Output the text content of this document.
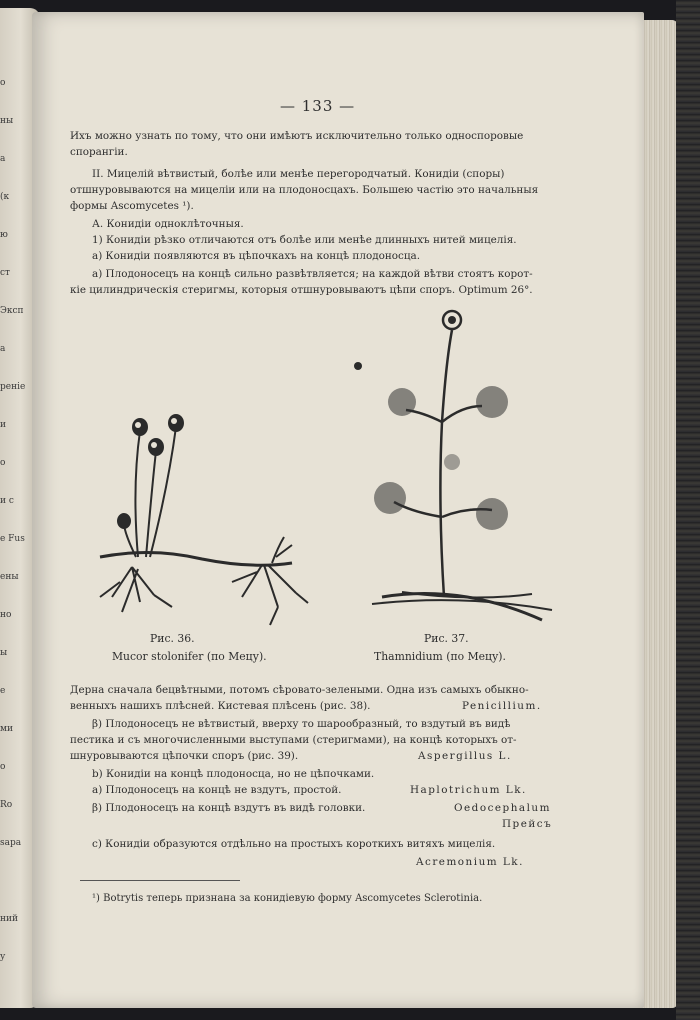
о
ны
а
(к
ю
ст
Эксп
а
реніе
и
о
и с
e Fus
ены
но
ы
е
ми
о
Ro
sapa
ний
у
— 133 —
Ихъ можно узнать по тому, что они имѣютъ исключительно только односпоровые
спорангіи.
II. Мицелій вѣтвистый, болѣе или менѣе перегородчатый. Конидіи (споры)
отшнуровываются на мицеліи или на плодоносцахъ. Большею частію это начальныя
формы Ascomycetes ¹).
А. Конидіи одноклѣточныя.
1) Конидіи рѣзко отличаются отъ болѣе или менѣе длинныхъ нитей мицелія.
а) Конидіи появляются въ цѣпочкахъ на концѣ плодоносца.
а) Плодоносецъ на концѣ сильно развѣтвляется; на каждой вѣтви стоятъ корот-
кіе цилиндрическія стеригмы, которыя отшнуровываютъ цѣпи споръ. Optimum 26°.
Рис. 36.
Mucor stolonifer (по Мецу).
Рис. 37.
Thamnidium (по Мецу).
Дерна сначала бецвѣтными, потомъ сѣровато-зелеными. Одна изъ самыхъ обыкно-
венныхъ нашихъ плѣсней. Кистевая плѣсень (рис. 38).	Penicillium.
β) Плодоносецъ не вѣтвистый, вверху то шарообразный, то вздутый въ видѣ
пестика и съ многочисленными выступами (стеригмами), на концѣ которыхъ от-
шнуровываются цѣпочки споръ (рис. 39).	Aspergillus L.
b) Конидіи на концѣ плодоносца, но не цѣпочками.
а) Плодоносецъ на концѣ не вздутъ, простой.	Haplotrichum Lk.
β) Плодоносецъ на концѣ вздутъ въ видѣ головки.	Oedocephalum
Прейсъ
с) Конидіи образуются отдѣльно на простыхъ короткихъ витяхъ мицелія.
Acremonium Lk.
¹) Botrytis теперь признана за конидіевую форму Ascomycetes Sclerotinia.
